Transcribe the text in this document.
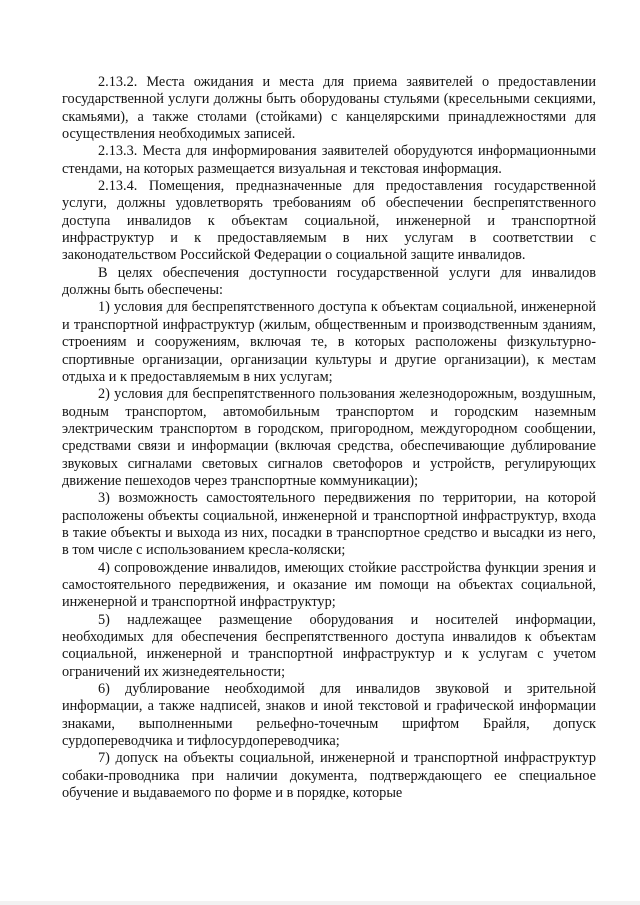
2.13.2. Места ожидания и места для приема заявителей о предоставлении государственной услуги должны быть оборудованы стульями (кресельными секциями, скамьями), а также столами (стойками) с канцелярскими принадлежностями для осуществления необходимых записей.

2.13.3. Места для информирования заявителей оборудуются информационными стендами, на которых размещается визуальная и текстовая информация.

2.13.4. Помещения, предназначенные для предоставления государственной услуги, должны удовлетворять требованиям об обеспечении беспрепятственного доступа инвалидов к объектам социальной, инженерной и транспортной инфраструктур и к предоставляемым в них услугам в соответствии с законодательством Российской Федерации о социальной защите инвалидов.

В целях обеспечения доступности государственной услуги для инвалидов должны быть обеспечены:

1) условия для беспрепятственного доступа к объектам социальной, инженерной и транспортной инфраструктур (жилым, общественным и производственным зданиям, строениям и сооружениям, включая те, в которых расположены физкультурно-спортивные организации, организации культуры и другие организации), к местам отдыха и к предоставляемым в них услугам;

2) условия для беспрепятственного пользования железнодорожным, воздушным, водным транспортом, автомобильным транспортом и городским наземным электрическим транспортом в городском, пригородном, междугородном сообщении, средствами связи и информации (включая средства, обеспечивающие дублирование звуковых сигналами световых сигналов светофоров и устройств, регулирующих движение пешеходов через транспортные коммуникации);

3) возможность самостоятельного передвижения по территории, на которой расположены объекты социальной, инженерной и транспортной инфраструктур, входа в такие объекты и выхода из них, посадки в транспортное средство и высадки из него, в том числе с использованием кресла-коляски;

4) сопровождение инвалидов, имеющих стойкие расстройства функции зрения и самостоятельного передвижения, и оказание им помощи на объектах социальной, инженерной и транспортной инфраструктур;

5) надлежащее размещение оборудования и носителей информации, необходимых для обеспечения беспрепятственного доступа инвалидов к объектам социальной, инженерной и транспортной инфраструктур и к услугам с учетом ограничений их жизнедеятельности;

6) дублирование необходимой для инвалидов звуковой и зрительной информации, а также надписей, знаков и иной текстовой и графической информации знаками, выполненными рельефно-точечным шрифтом Брайля, допуск сурдопереводчика и тифлосурдопереводчика;

7) допуск на объекты социальной, инженерной и транспортной инфраструктур собаки-проводника при наличии документа, подтверждающего ее специальное обучение и выдаваемого по форме и в порядке, которые
